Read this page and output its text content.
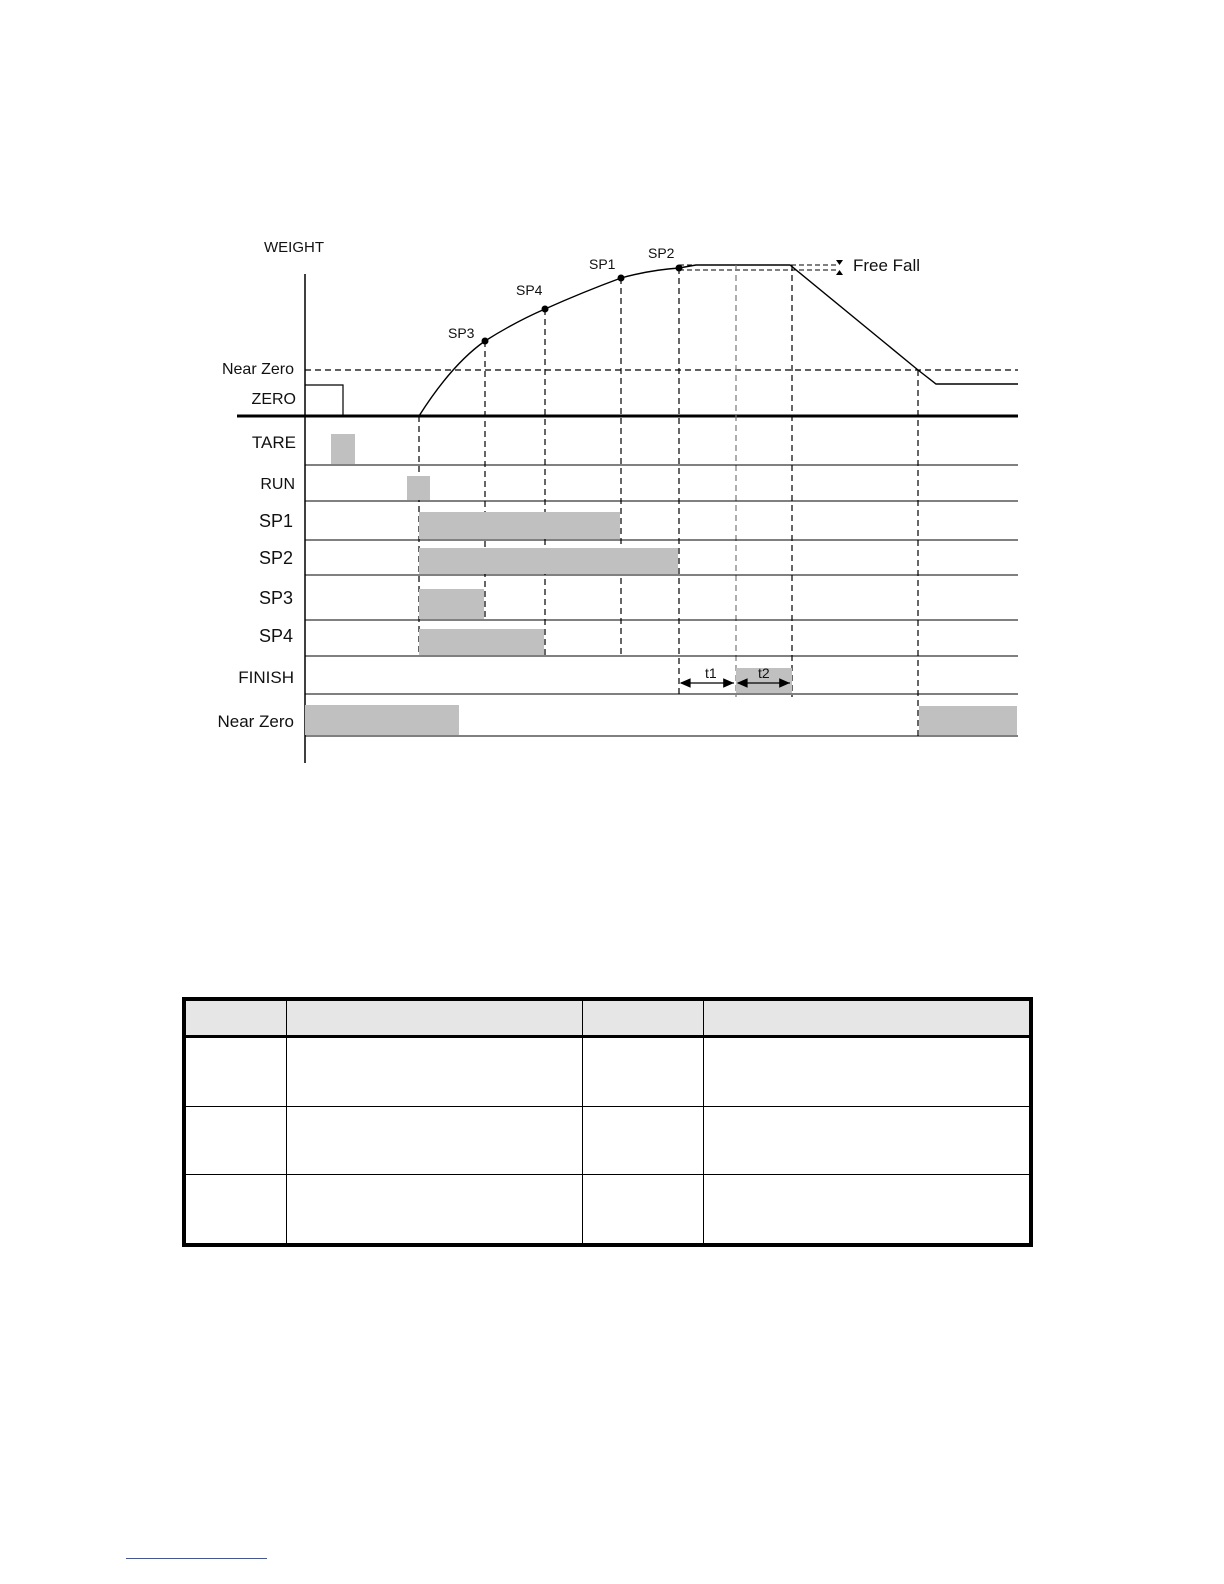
WEIGHT
Near Zero
ZERO
SP3
SP4
SP1
SP2
Free Fall
TARE
RUN
SP1
SP2
SP3
SP4
FINISH
Near Zero
t1	t2
